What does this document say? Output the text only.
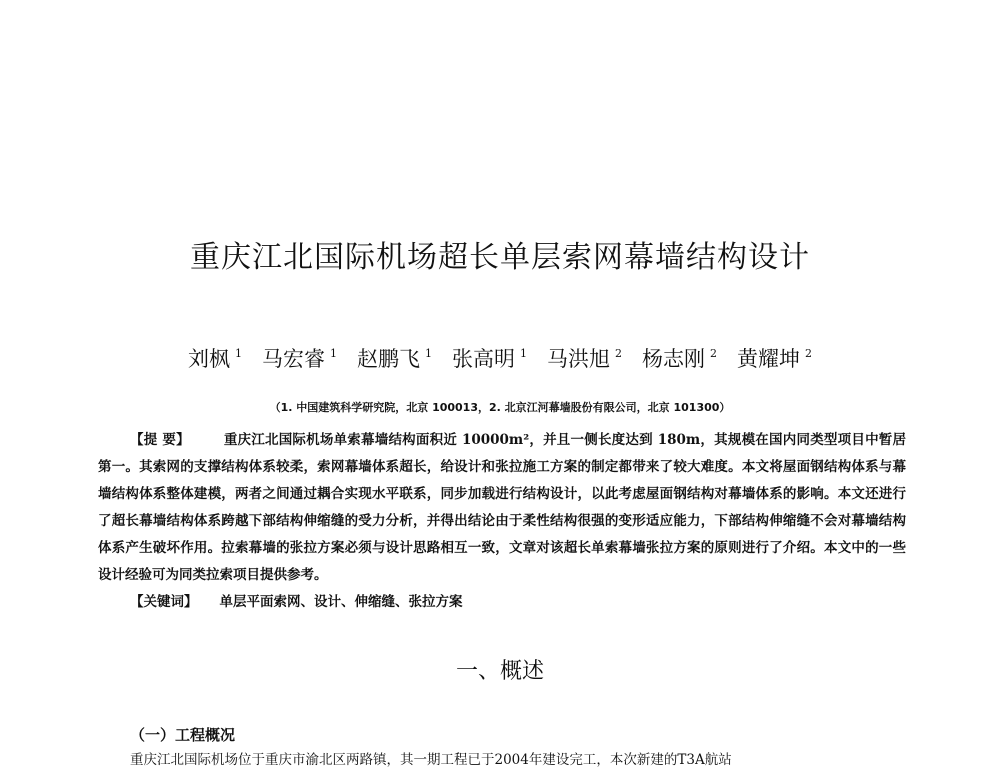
重庆江北国际机场超长单层索网幕墙结构设计
刘枫 $^1$ 马宏睿 $^1$ 赵鹏飞 $^1$ 张高明 $^1$ 马洪旭 $^2$ 杨志刚 $^2$ 黄耀坤 $^2$
（1. 中国建筑科学研究院，北京 100013，2. 北京江河幕墙股份有限公司，北京 101300）

【提 要】	重庆江北国际机场单索幕墙结构面积近 10000m²，并且一侧长度达到 180m，其规模在国内同类型项目中暂居第一。其索网的支撑结构体系较柔，索网幕墙体系超长，给设计和张拉施工方案的制定都带来了较大难度。本文将屋面钢结构体系与幕墙结构体系整体建模，两者之间通过耦合实现水平联系，同步加载进行结构设计，以此考虑屋面钢结构对幕墙体系的影响。本文还进行了超长幕墙结构体系跨越下部结构伸缩缝的受力分析，并得出结论由于柔性结构很强的变形适应能力，下部结构伸缩缝不会对幕墙结构体系产生破坏作用。拉索幕墙的张拉方案必须与设计思路相互一致，文章对该超长单索幕墙张拉方案的原则进行了介绍。本文中的一些设计经验可为同类拉索项目提供参考。

【关键词】 单层平面索网、设计、伸缩缝、张拉方案
一、概述
（一）工程概况

重庆江北国际机场位于重庆市渝北区两路镇，其一期工程已于2004年建设完工，本次新建的T3A航站
